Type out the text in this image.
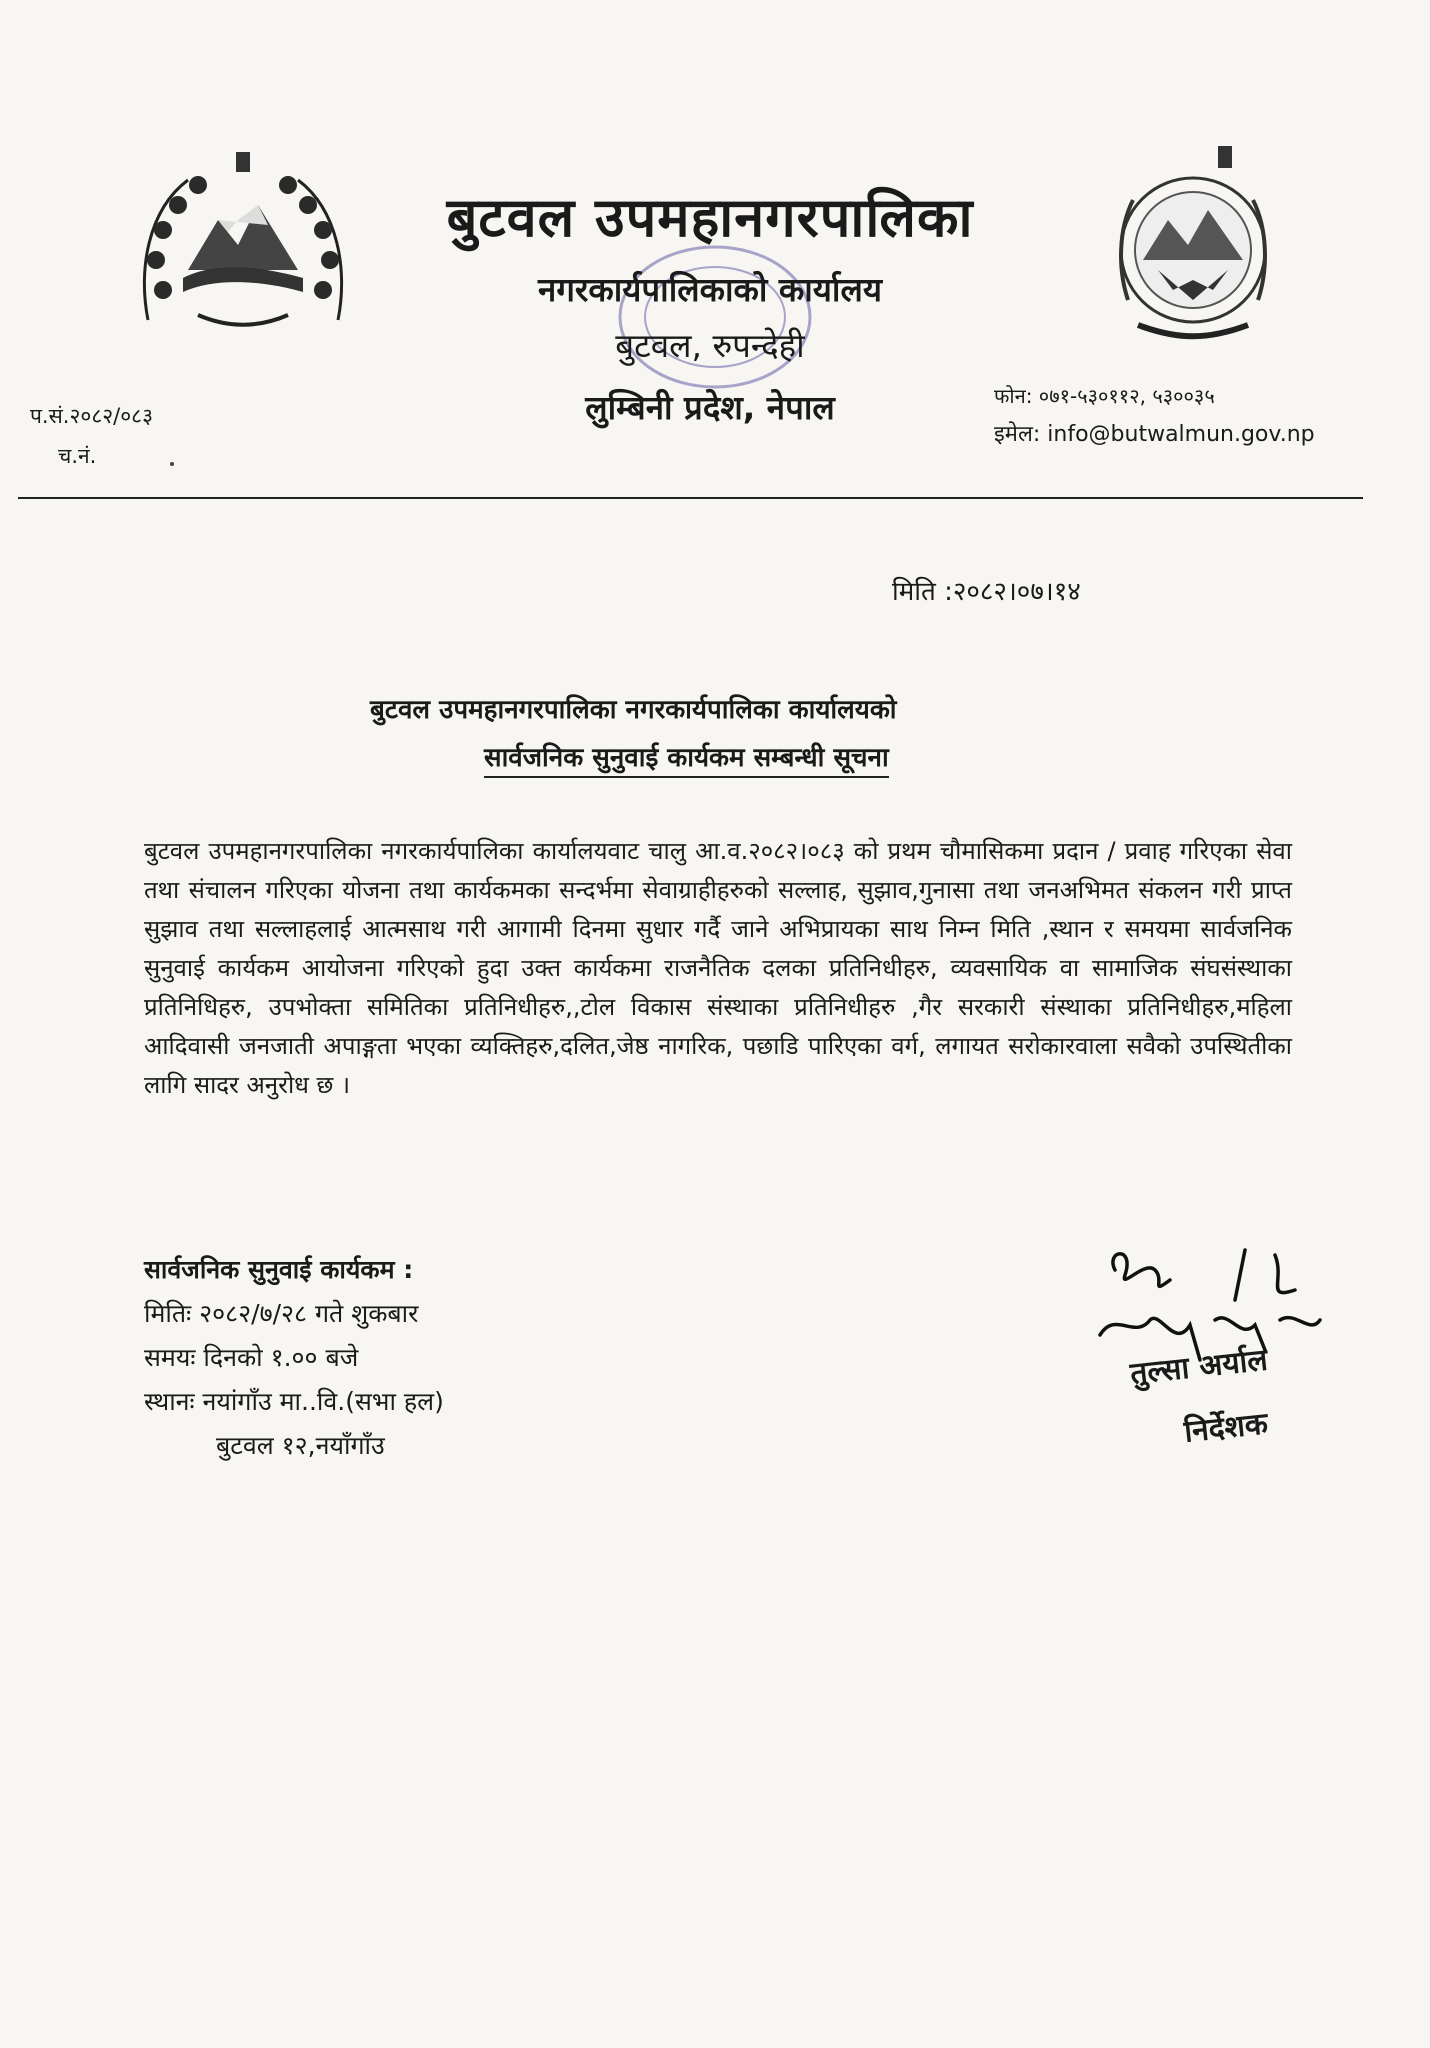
बुटवल उपमहानगरपालिका
नगरकार्यपालिकाको कार्यालय
बुटवल, रुपन्देही
लुम्बिनी प्रदेश, नेपाल
प.सं.२०८२/०८३
च.नं.
फोन: ०७१-५३०११२, ५३००३५
इमेल: info@butwalmun.gov.np
मिति :२०८२।०७।१४
बुटवल उपमहानगरपालिका नगरकार्यपालिका कार्यालयको
सार्वजनिक सुनुवाई कार्यकम सम्बन्धी सूचना
बुटवल उपमहानगरपालिका नगरकार्यपालिका कार्यालयवाट चालु आ.व.२०८२।०८३ को प्रथम चौमासिकमा प्रदान / प्रवाह गरिएका सेवा तथा संचालन गरिएका योजना तथा कार्यकमका सन्दर्भमा सेवाग्राहीहरुको सल्लाह, सुझाव,गुनासा तथा जनअभिमत संकलन गरी प्राप्त सुझाव तथा सल्लाहलाई आत्मसाथ गरी आगामी दिनमा सुधार गर्दै जाने अभिप्रायका साथ निम्न मिति ,स्थान र समयमा सार्वजनिक सुनुवाई कार्यकम आयोजना गरिएको हुदा उक्त कार्यकमा राजनैतिक दलका प्रतिनिधीहरु, व्यवसायिक वा सामाजिक संघसंस्थाका प्रतिनिधिहरु, उपभोक्ता समितिका प्रतिनिधीहरु,,टोल विकास संस्थाका प्रतिनिधीहरु ,गैर सरकारी संस्थाका प्रतिनिधीहरु,महिला आदिवासी जनजाती अपाङ्गता भएका व्यक्तिहरु,दलित,जेष्ठ नागरिक, पछाडि पारिएका वर्ग, लगायत सरोकारवाला सवैको उपस्थितीका लागि सादर अनुरोध छ ।
सार्वजनिक सुनुवाई कार्यकम :
मितिः २०८२/७/२८ गते शुकबार
समयः दिनको १.०० बजे
स्थानः नयांगाँउ मा..वि.(सभा हल)
बुटवल १२,नयाँगाँउ
तुल्सा अर्याल
निर्देशक
